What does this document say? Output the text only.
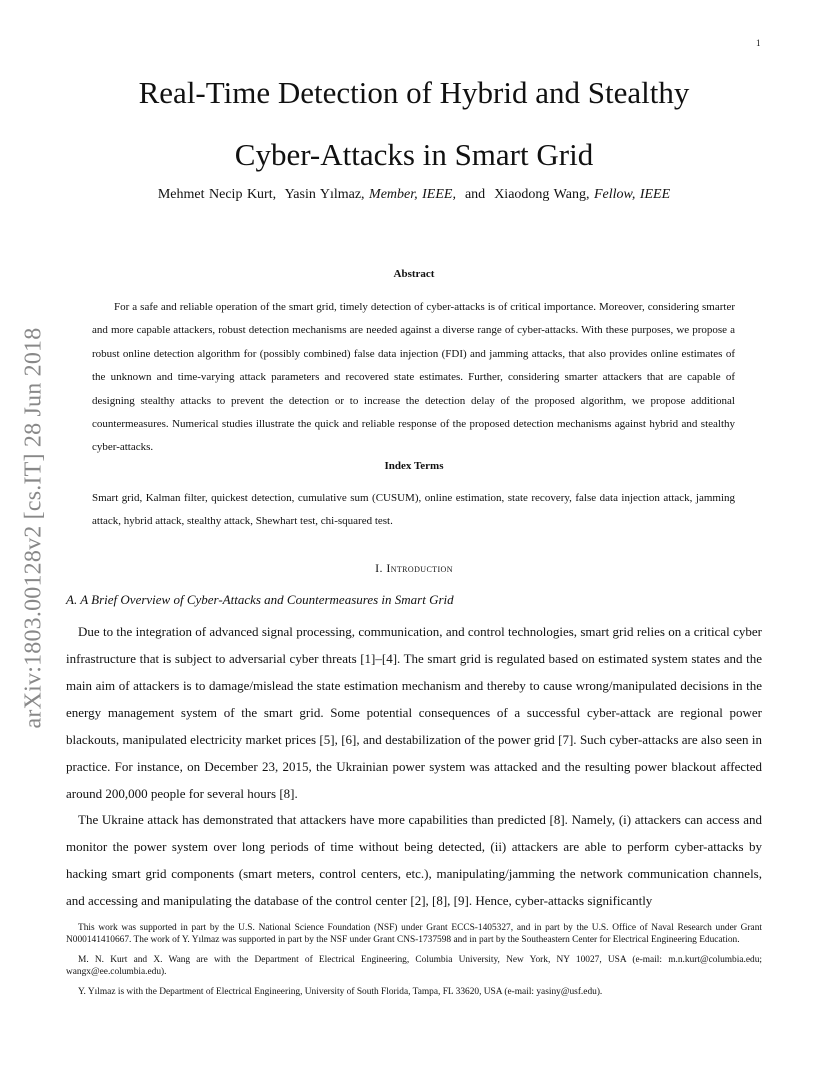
1
arXiv:1803.00128v2 [cs.IT] 28 Jun 2018
Real-Time Detection of Hybrid and Stealthy
Cyber-Attacks in Smart Grid
Mehmet Necip Kurt, Yasin Yılmaz, Member, IEEE, and Xiaodong Wang, Fellow, IEEE
Abstract

For a safe and reliable operation of the smart grid, timely detection of cyber-attacks is of critical importance. Moreover, considering smarter and more capable attackers, robust detection mechanisms are needed against a diverse range of cyber-attacks. With these purposes, we propose a robust online detection algorithm for (possibly combined) false data injection (FDI) and jamming attacks, that also provides online estimates of the unknown and time-varying attack parameters and recovered state estimates. Further, considering smarter attackers that are capable of designing stealthy attacks to prevent the detection or to increase the detection delay of the proposed algorithm, we propose additional countermeasures. Numerical studies illustrate the quick and reliable response of the proposed detection mechanisms against hybrid and stealthy cyber-attacks.

Index Terms

Smart grid, Kalman filter, quickest detection, cumulative sum (CUSUM), online estimation, state recovery, false data injection attack, jamming attack, hybrid attack, stealthy attack, Shewhart test, chi-squared test.

I. Introduction
A. A Brief Overview of Cyber-Attacks and Countermeasures in Smart Grid

Due to the integration of advanced signal processing, communication, and control technologies, smart grid relies on a critical cyber infrastructure that is subject to adversarial cyber threats [1]–[4]. The smart grid is regulated based on estimated system states and the main aim of attackers is to damage/mislead the state estimation mechanism and thereby to cause wrong/manipulated decisions in the energy management system of the smart grid. Some potential consequences of a successful cyber-attack are regional power blackouts, manipulated electricity market prices [5], [6], and destabilization of the power grid [7]. Such cyber-attacks are also seen in practice. For instance, on December 23, 2015, the Ukrainian power system was attacked and the resulting power blackout affected around 200,000 people for several hours [8].

The Ukraine attack has demonstrated that attackers have more capabilities than predicted [8]. Namely, (i) attackers can access and monitor the power system over long periods of time without being detected, (ii) attackers are able to perform cyber-attacks by hacking smart grid components (smart meters, control centers, etc.), manipulating/jamming the network communication channels, and accessing and manipulating the database of the control center [2], [8], [9]. Hence, cyber-attacks significantly

This work was supported in part by the U.S. National Science Foundation (NSF) under Grant ECCS-1405327, and in part by the U.S. Office of Naval Research under Grant N000141410667. The work of Y. Yılmaz was supported in part by the NSF under Grant CNS-1737598 and in part by the Southeastern Center for Electrical Engineering Education.

M. N. Kurt and X. Wang are with the Department of Electrical Engineering, Columbia University, New York, NY 10027, USA (e-mail: m.n.kurt@columbia.edu; wangx@ee.columbia.edu).

Y. Yılmaz is with the Department of Electrical Engineering, University of South Florida, Tampa, FL 33620, USA (e-mail: yasiny@usf.edu).
